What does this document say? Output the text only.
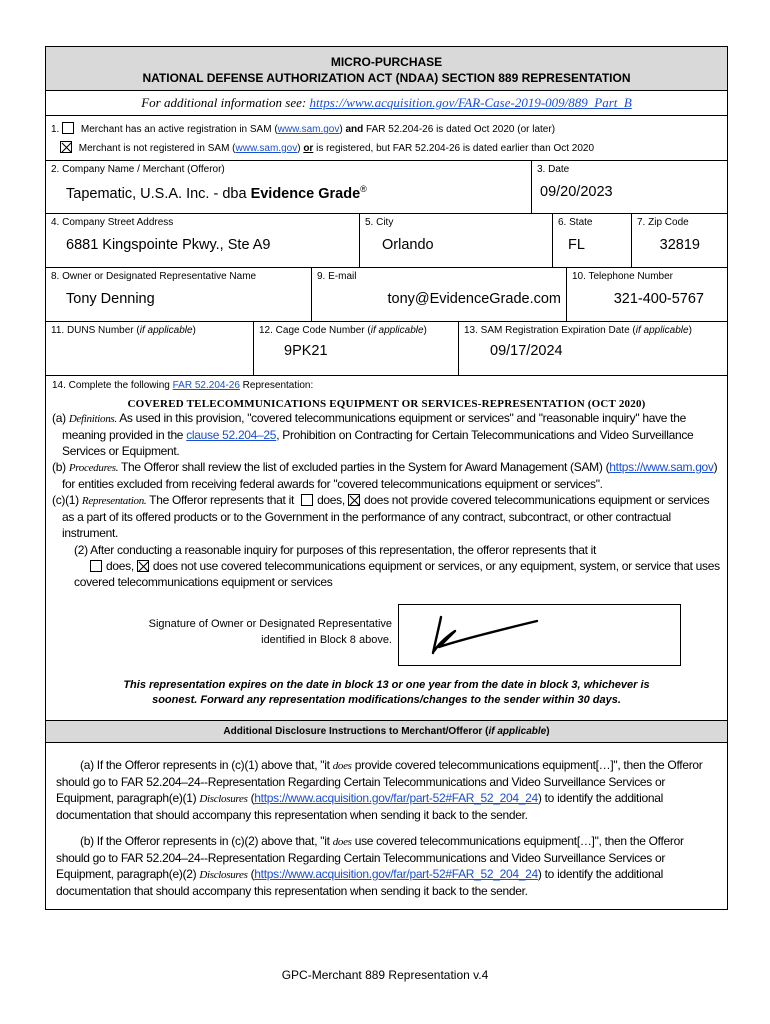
MICRO-PURCHASE
NATIONAL DEFENSE AUTHORIZATION ACT (NDAA) SECTION 889 REPRESENTATION
For additional information see: https://www.acquisition.gov/FAR-Case-2019-009/889_Part_B
1. Merchant has an active registration in SAM (www.sam.gov) and FAR 52.204-26 is dated Oct 2020 (or later)
Merchant is not registered in SAM (www.sam.gov) or is registered, but FAR 52.204-26 is dated earlier than Oct 2020
2. Company Name / Merchant (Offeror)
Tapematic, U.S.A. Inc. - dba Evidence Grade®
3. Date
09/20/2023
4. Company Street Address
6881 Kingspointe Pkwy., Ste A9
5. City
Orlando
6. State
FL
7. Zip Code
32819
8. Owner or Designated Representative Name
Tony Denning
9. E-mail
tony@EvidenceGrade.com
10. Telephone Number
321-400-5767
11. DUNS Number (if applicable)	12. Cage Code Number (if applicable)
9PK21
13. SAM Registration Expiration Date (if applicable)
09/17/2024
14. Complete the following FAR 52.204-26 Representation:
COVERED TELECOMMUNICATIONS EQUIPMENT OR SERVICES-REPRESENTATION (OCT 2020)

(a) Definitions. As used in this provision, "covered telecommunications equipment or services" and "reasonable inquiry" have the meaning provided in the clause 52.204–25, Prohibition on Contracting for Certain Telecommunications and Video Surveillance Services or Equipment.

(b) Procedures. The Offeror shall review the list of excluded parties in the System for Award Management (SAM) (https://www.sam.gov) for entities excluded from receiving federal awards for "covered telecommunications equipment or services".

(c)(1) Representation. The Offeror represents that it does, does not provide covered telecommunications equipment or services as a part of its offered products or to the Government in the performance of any contract, subcontract, or other contractual instrument.

(2) After conducting a reasonable inquiry for purposes of this representation, the offeror represents that it
does, does not use covered telecommunications equipment or services, or any equipment, system, or service that uses covered telecommunications equipment or services

Signature of Owner or Designated Representative
identified in Block 8 above.
This representation expires on the date in block 13 or one year from the date in block 3, whichever is
soonest. Forward any representation modifications/changes to the sender within 30 days.
Additional Disclosure Instructions to Merchant/Offeror (if applicable)

(a) If the Offeror represents in (c)(1) above that, "it does provide covered telecommunications equipment[…]", then the Offeror should go to FAR 52.204–24--Representation Regarding Certain Telecommunications and Video Surveillance Services or Equipment, paragraph(e)(1) Disclosures (https://www.acquisition.gov/far/part-52#FAR_52_204_24) to identify the additional documentation that should accompany this representation when sending it back to the sender.

(b) If the Offeror represents in (c)(2) above that, "it does use covered telecommunications equipment[…]", then the Offeror should go to FAR 52.204–24--Representation Regarding Certain Telecommunications and Video Surveillance Services or Equipment, paragraph(e)(2) Disclosures (https://www.acquisition.gov/far/part-52#FAR_52_204_24) to identify the additional documentation that should accompany this representation when sending it back to the sender.

GPC-Merchant 889 Representation v.4
